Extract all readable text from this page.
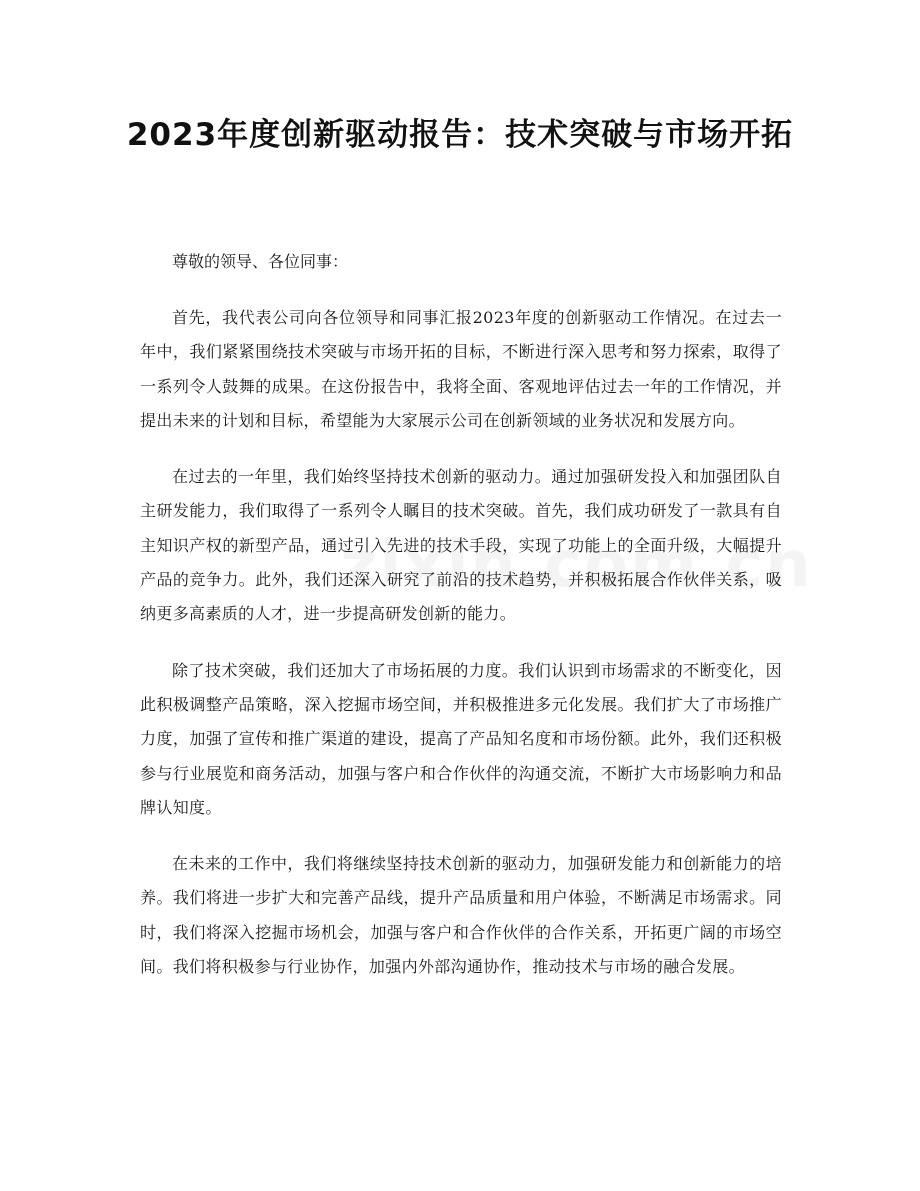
2023年度创新驱动报告：技术突破与市场开拓

尊敬的领导、各位同事：

首先，我代表公司向各位领导和同事汇报2023年度的创新驱动工作情况。在过去一年中，我们紧紧围绕技术突破与市场开拓的目标，不断进行深入思考和努力探索，取得了一系列令人鼓舞的成果。在这份报告中，我将全面、客观地评估过去一年的工作情况，并提出未来的计划和目标，希望能为大家展示公司在创新领域的业务状况和发展方向。

在过去的一年里，我们始终坚持技术创新的驱动力。通过加强研发投入和加强团队自主研发能力，我们取得了一系列令人瞩目的技术突破。首先，我们成功研发了一款具有自主知识产权的新型产品，通过引入先进的技术手段，实现了功能上的全面升级，大幅提升产品的竞争力。此外，我们还深入研究了前沿的技术趋势，并积极拓展合作伙伴关系，吸纳更多高素质的人才，进一步提高研发创新的能力。

除了技术突破，我们还加大了市场拓展的力度。我们认识到市场需求的不断变化，因此积极调整产品策略，深入挖掘市场空间，并积极推进多元化发展。我们扩大了市场推广力度，加强了宣传和推广渠道的建设，提高了产品知名度和市场份额。此外，我们还积极参与行业展览和商务活动，加强与客户和合作伙伴的沟通交流，不断扩大市场影响力和品牌认知度。

在未来的工作中，我们将继续坚持技术创新的驱动力，加强研发能力和创新能力的培养。我们将进一步扩大和完善产品线，提升产品质量和用户体验，不断满足市场需求。同时，我们将深入挖掘市场机会，加强与客户和合作伙伴的合作关系，开拓更广阔的市场空间。我们将积极参与行业协作，加强内外部沟通协作，推动技术与市场的融合发展。
